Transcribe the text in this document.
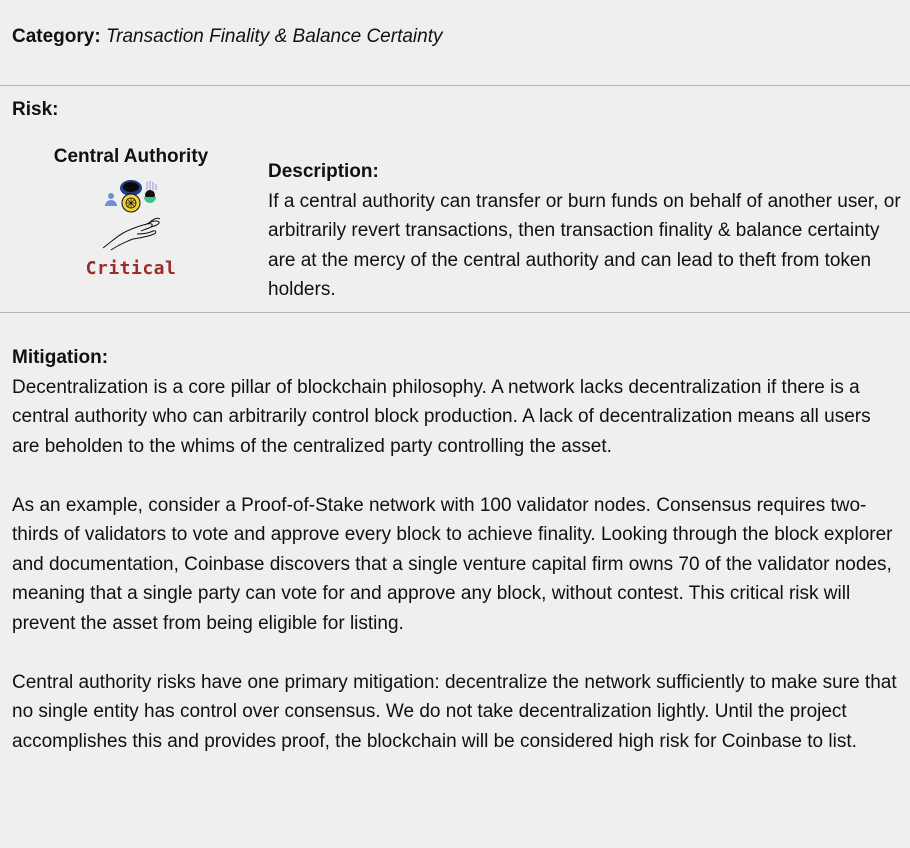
Category: Transaction Finality & Balance Certainty
Risk:
Central Authority
Critical
Description:
If a central authority can transfer or burn funds on behalf of another user, or arbitrarily revert transactions, then transaction finality & balance certainty are at the mercy of the central authority and can lead to theft from token holders.
Mitigation:

Decentralization is a core pillar of blockchain philosophy. A network lacks decentralization if there is a central authority who can arbitrarily control block production. A lack of decentralization means all users are beholden to the whims of the centralized party controlling the asset.

As an example, consider a Proof-of-Stake network with 100 validator nodes. Consensus requires two-thirds of validators to vote and approve every block to achieve finality. Looking through the block explorer and documentation, Coinbase discovers that a single venture capital firm owns 70 of the validator nodes, meaning that a single party can vote for and approve any block, without contest. This critical risk will prevent the asset from being eligible for listing.

Central authority risks have one primary mitigation: decentralize the network sufficiently to make sure that no single entity has control over consensus. We do not take decentralization lightly. Until the project accomplishes this and provides proof, the blockchain will be considered high risk for Coinbase to list.
